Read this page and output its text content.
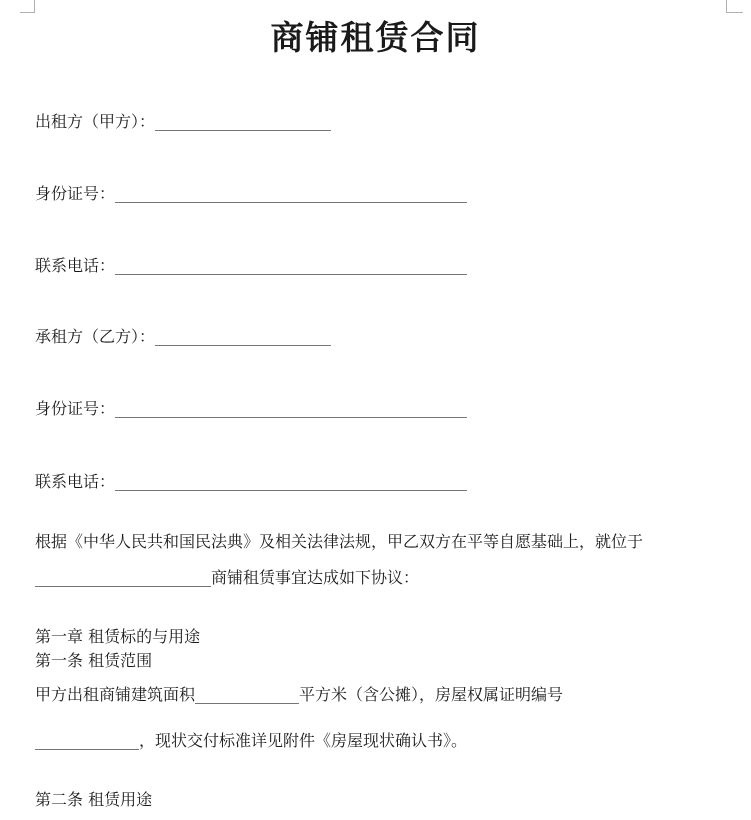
商铺租赁合同
出租方（甲方）：______________________
身份证号：____________________________________________
联系电话：____________________________________________
承租方（乙方）：______________________
身份证号：____________________________________________
联系电话：____________________________________________
根据《中华人民共和国民法典》及相关法律法规，甲乙双方在平等自愿基础上，就位于
______________________商铺租赁事宜达成如下协议：
第一章 租赁标的与用途
第一条 租赁范围
甲方出租商铺建筑面积_____________平方米（含公摊），房屋权属证明编号
_____________，现状交付标准详见附件《房屋现状确认书》。
第二条 租赁用途
